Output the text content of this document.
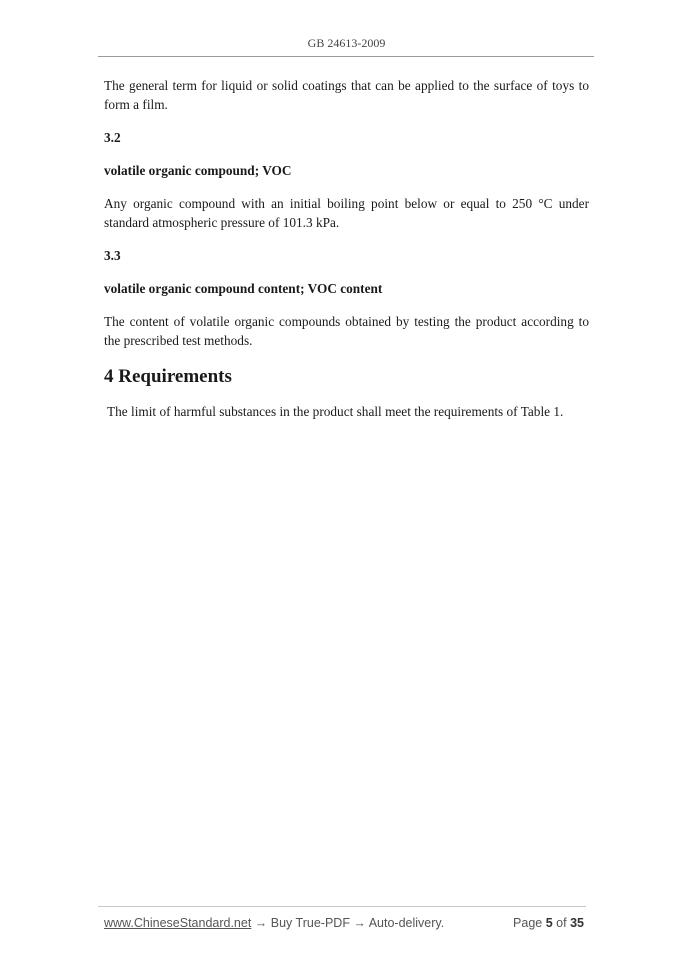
GB 24613-2009

The general term for liquid or solid coatings that can be applied to the surface of toys to form a film.

3.2

volatile organic compound; VOC

Any organic compound with an initial boiling point below or equal to 250 °C under standard atmospheric pressure of 101.3 kPa.

3.3

volatile organic compound content; VOC content

The content of volatile organic compounds obtained by testing the product according to the prescribed test methods.

4 Requirements

The limit of harmful substances in the product shall meet the requirements of Table 1.

www.ChineseStandard.net → Buy True-PDF → Auto-delivery.	Page 5 of 35
